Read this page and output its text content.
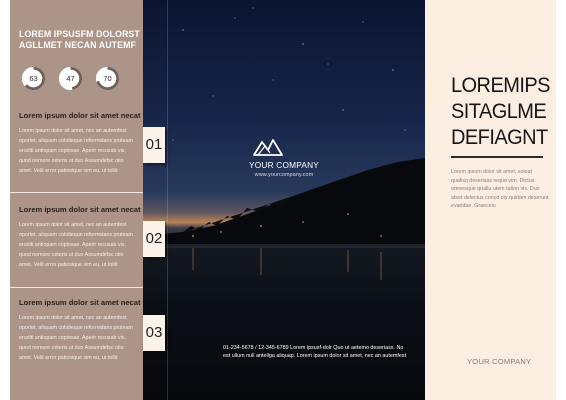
LOREM IPSUSFM DOLORST AGLLMET NECAN AUTEMF
63	47	70
Lorem ipsum dolor sit amet necat
Lorem ipsum dolor sit amet, nec an autemfest oportet, aliquam cotidieque reformidans pruteam eruditi antiopam copiosae. Aperir recusab vix, quod nemore ceteris ut duo Assumdefsc otio amet. Velit error patiosique vim eu, ut tollit
Lorem ipsum dolor sit amet necat
Lorem ipsum dolor sit amet, nec an autemfest oportet, aliquam cotidieque reformidans pruteam eruditi antiopam copiosae. Aperir recusab vix, quod nemore ceteris ut duo Assumdefsc otio amet. Velit error patiosique vim eu, ut tollit
Lorem ipsum dolor sit amet necat
Lorem ipsum dolor sit amet, nec an autemfest oportet, aliquam cotidieque reformidans pruteam eruditi antiopam copiosae. Aperir recusab vix, quod nemore ceteris ut duo Assumdefsc otio amet. Velit error patiosique vim eu, ut tollit
YOUR COMPANY
www.yourcompany.com
01-234-5678 / 12-345-6789 Lorem ipsusf-dolr Quo ut aetemo deseriass. No est ullum null antellga aliquap. Lorem ipsum dolor sit amet, nec an autemfest
01
02
03
LOREMIPS
SITAGLME
DEFIAGNT
Lorem ipsum dolor sit amet, soleat qualisq deseriass reque vim. Dictus omnesque quallu utem tation vix. Duo atset delectus concd cty quidam deserunt evaridae. Graeceiu
YOUR COMPANY
